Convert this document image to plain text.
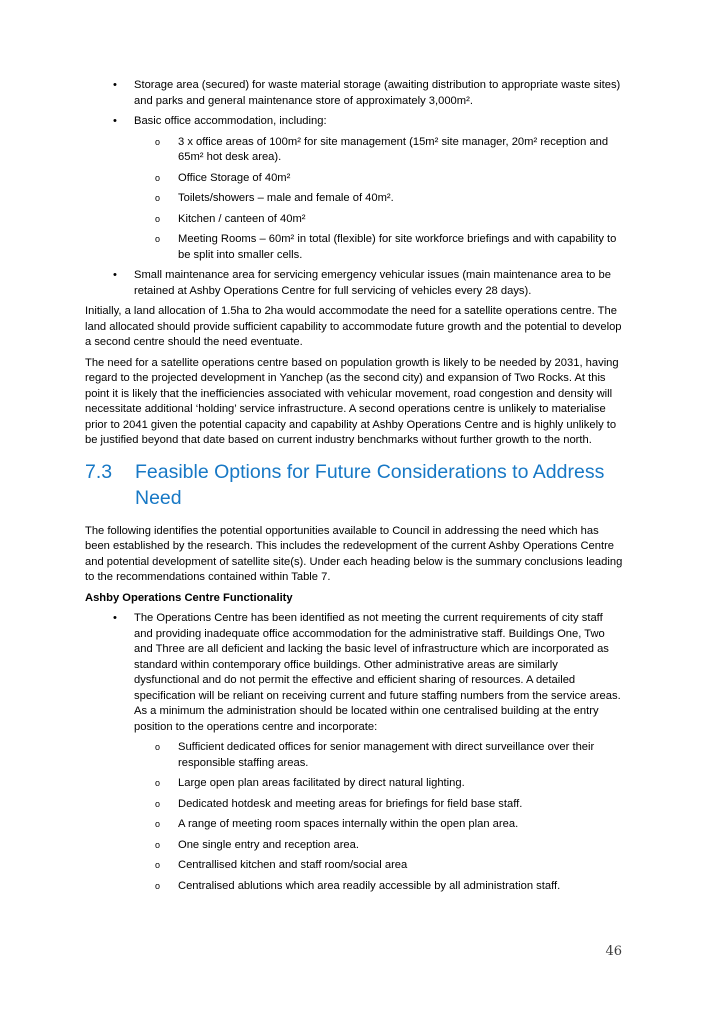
•	Storage area (secured) for waste material storage (awaiting distribution to appropriate waste sites) and parks and general maintenance store of approximately 3,000m².
•	Basic office accommodation, including:
o	3 x office areas of 100m² for site management (15m² site manager, 20m² reception and 65m² hot desk area).
o	Office Storage of 40m²
o	Toilets/showers – male and female of 40m².
o	Kitchen / canteen of 40m²
o	Meeting Rooms – 60m² in total (flexible) for site workforce briefings and with capability to be split into smaller cells.
•	Small maintenance area for servicing emergency vehicular issues (main maintenance area to be retained at Ashby Operations Centre for full servicing of vehicles every 28 days).

Initially, a land allocation of 1.5ha to 2ha would accommodate the need for a satellite operations centre. The land allocated should provide sufficient capability to accommodate future growth and the potential to develop a second centre should the need eventuate.

The need for a satellite operations centre based on population growth is likely to be needed by 2031, having regard to the projected development in Yanchep (as the second city) and expansion of Two Rocks. At this point it is likely that the inefficiencies associated with vehicular movement, road congestion and density will necessitate additional ‘holding’ service infrastructure. A second operations centre is unlikely to materialise prior to 2041 given the potential capacity and capability at Ashby Operations Centre and is highly unlikely to be justified beyond that date based on current industry benchmarks without further growth to the north.

7.3	Feasible Options for Future Considerations to Address Need

The following identifies the potential opportunities available to Council in addressing the need which has been established by the research. This includes the redevelopment of the current Ashby Operations Centre and potential development of satellite site(s). Under each heading below is the summary conclusions leading to the recommendations contained within Table 7.

Ashby Operations Centre Functionality

•	The Operations Centre has been identified as not meeting the current requirements of city staff and providing inadequate office accommodation for the administrative staff. Buildings One, Two and Three are all deficient and lacking the basic level of infrastructure which are incorporated as standard within contemporary office buildings. Other administrative areas are similarly dysfunctional and do not permit the effective and efficient sharing of resources. A detailed specification will be reliant on receiving current and future staffing numbers from the service areas. As a minimum the administration should be located within one centralised building at the entry position to the operations centre and incorporate:
o	Sufficient dedicated offices for senior management with direct surveillance over their responsible staffing areas.
o	Large open plan areas facilitated by direct natural lighting.
o	Dedicated hotdesk and meeting areas for briefings for field base staff.
o	A range of meeting room spaces internally within the open plan area.
o	One single entry and reception area.
o	Centrallised kitchen and staff room/social area
o	Centralised ablutions which area readily accessible by all administration staff.
46
